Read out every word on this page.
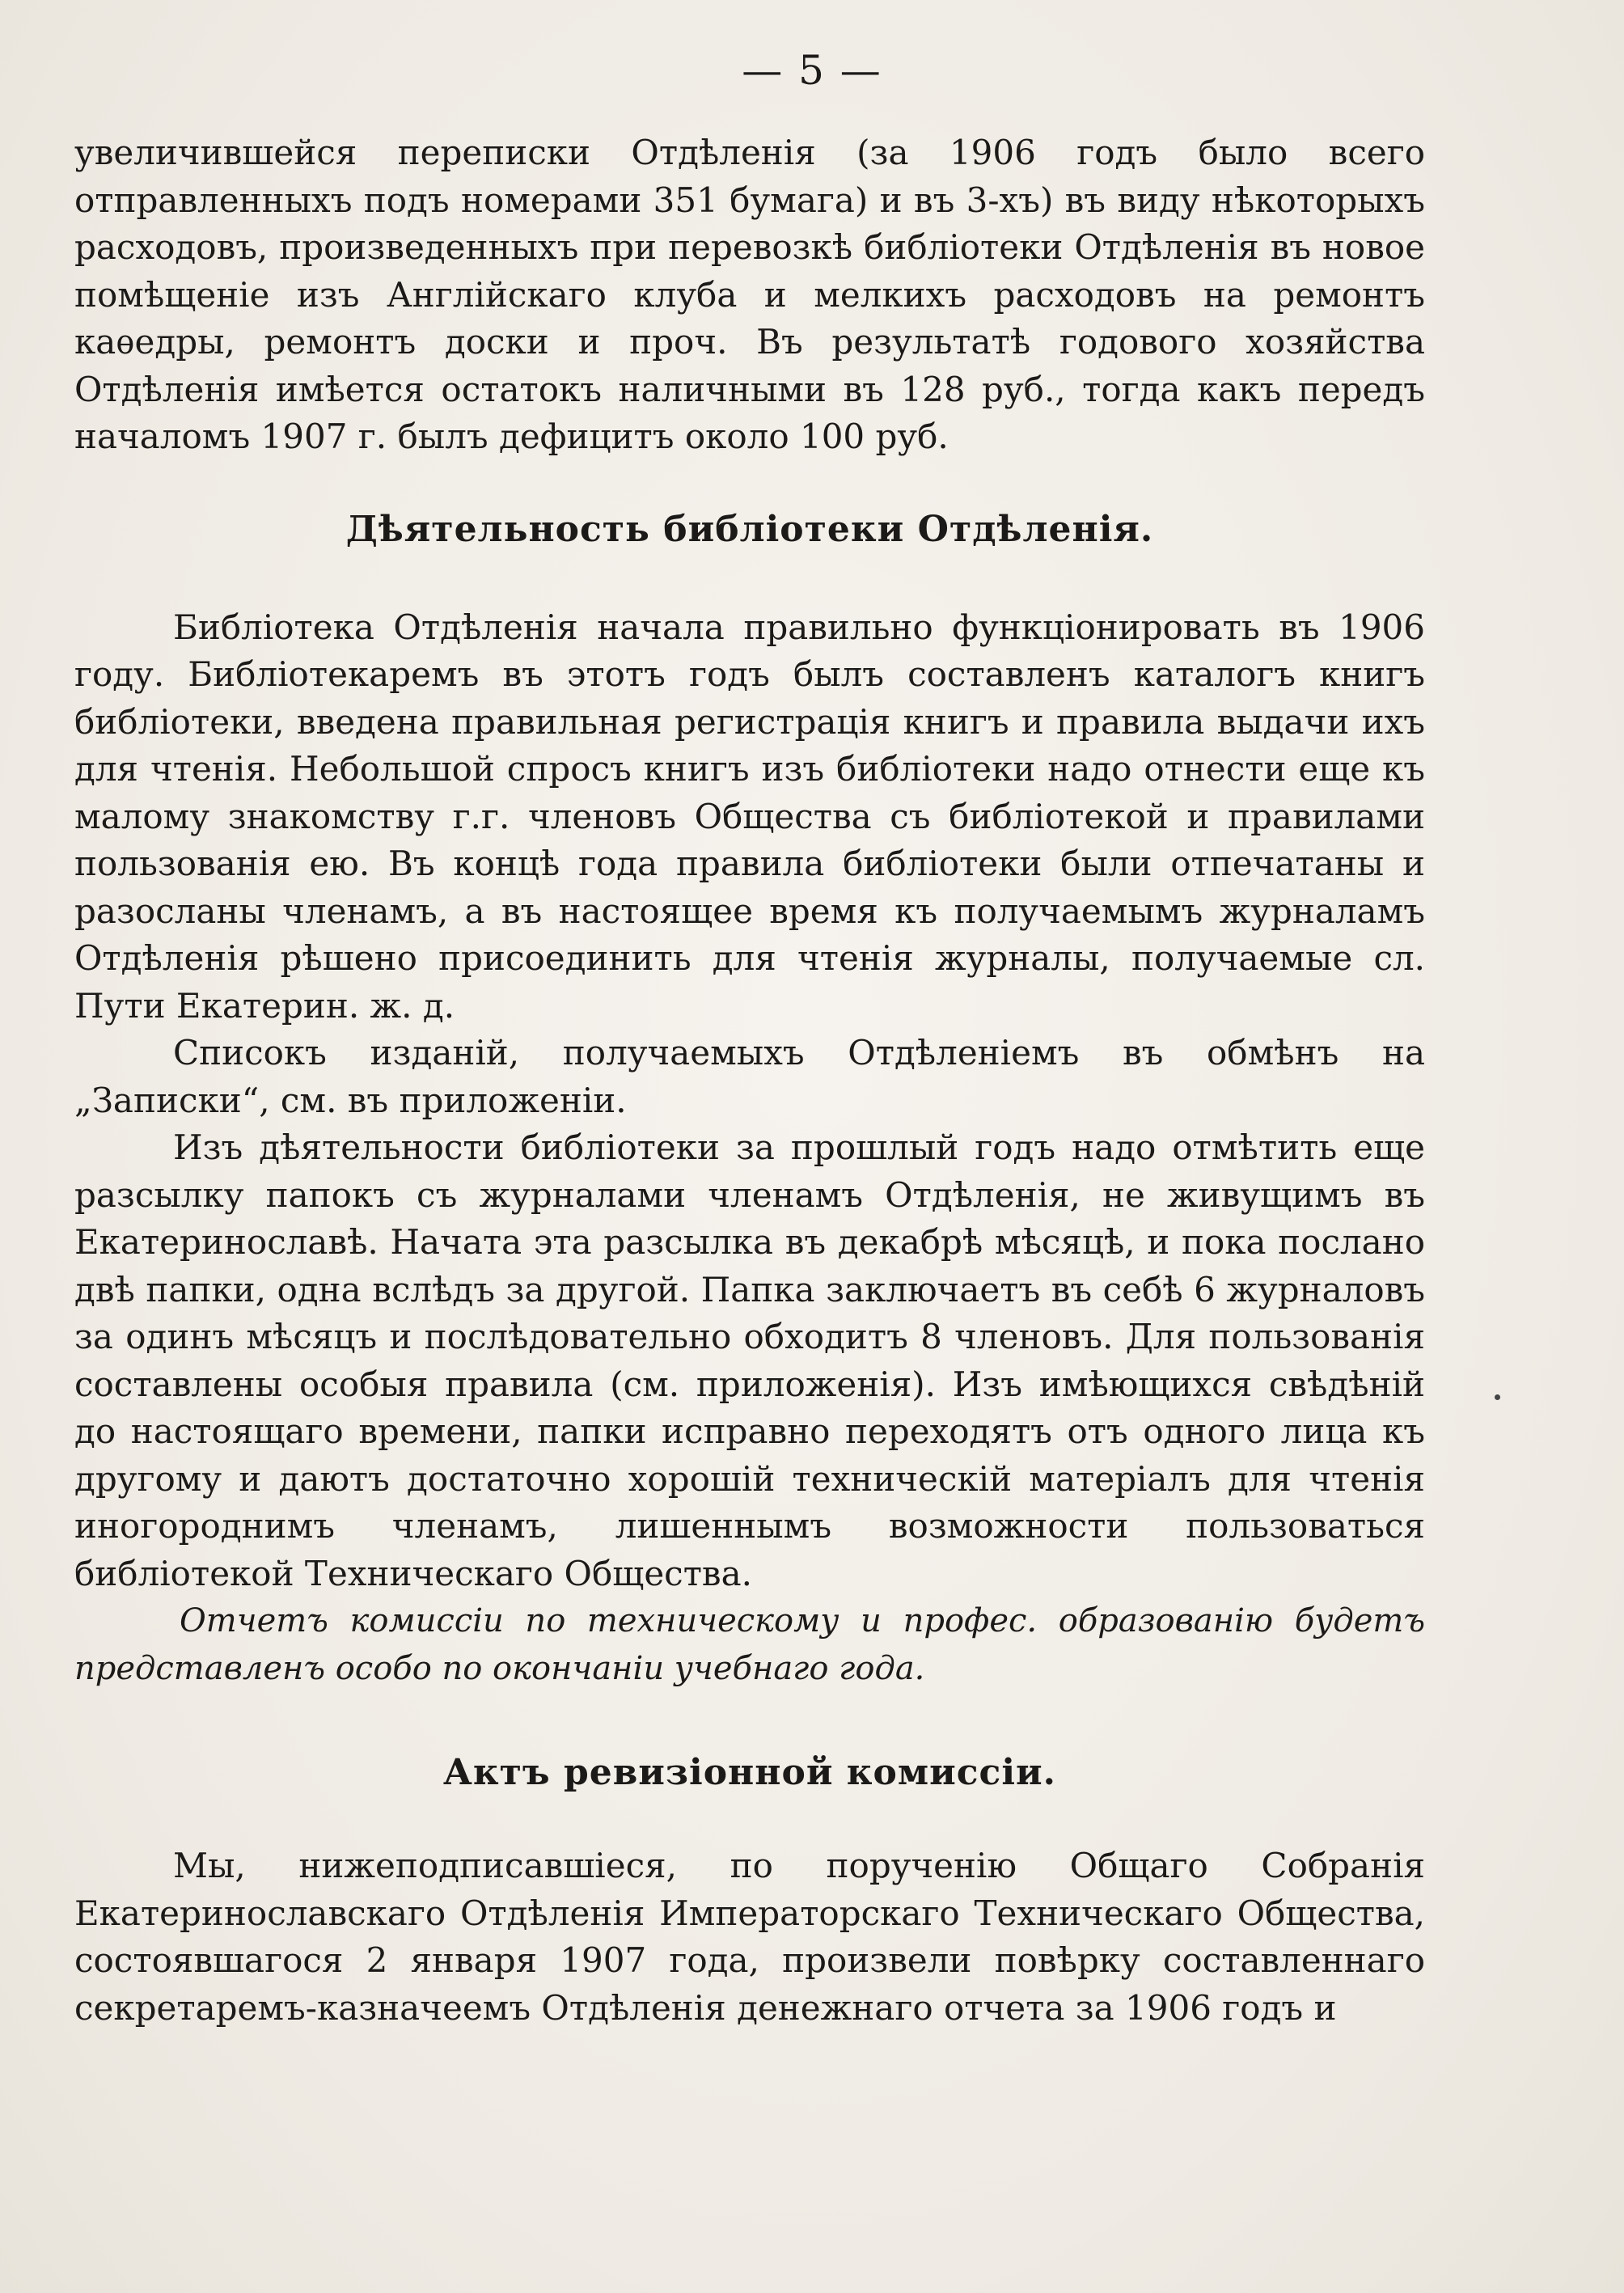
— 5 —

увеличившейся переписки Отдѣленія (за 1906 годъ было всего отправленныхъ подъ номерами 351 бумага) и въ 3-хъ) въ виду нѣкоторыхъ расходовъ, произведенныхъ при перевозкѣ библіотеки Отдѣленія въ новое помѣщеніе изъ Англійскаго клуба и мелкихъ расходовъ на ремонтъ каѳедры, ремонтъ доски и проч. Въ результатѣ годового хозяйства Отдѣленія имѣется остатокъ наличными въ 128 руб., тогда какъ передъ началомъ 1907 г. былъ дефицитъ около 100 руб.

Дѣятельность библіотеки Отдѣленія.

Библіотека Отдѣленія начала правильно функціонировать въ 1906 году. Библіотекаремъ въ этотъ годъ былъ составленъ каталогъ книгъ библіотеки, введена правильная регистрація книгъ и правила выдачи ихъ для чтенія. Небольшой спросъ книгъ изъ библіотеки надо отнести еще къ малому знакомству г.г. членовъ Общества съ библіотекой и правилами пользованія ею. Въ концѣ года правила библіотеки были отпечатаны и разосланы членамъ, а въ настоящее время къ получаемымъ журналамъ Отдѣленія рѣшено присоединить для чтенія журналы, получаемые сл. Пути Екатерин. ж. д.

Списокъ изданій, получаемыхъ Отдѣленіемъ въ обмѣнъ на „Записки“, см. въ приложеніи.

Изъ дѣятельности библіотеки за прошлый годъ надо отмѣтить еще разсылку папокъ съ журналами членамъ Отдѣленія, не живущимъ въ Екатеринославѣ. Начата эта разсылка въ декабрѣ мѣсяцѣ, и пока послано двѣ папки, одна вслѣдъ за другой. Папка заключаетъ въ себѣ 6 журналовъ за одинъ мѣсяцъ и послѣдовательно обходитъ 8 членовъ. Для пользованія составлены особыя правила (см. приложенія). Изъ имѣющихся свѣдѣній до настоящаго времени, папки исправно переходятъ отъ одного лица къ другому и даютъ достаточно хорошій техническій матеріалъ для чтенія иногороднимъ членамъ, лишеннымъ возможности пользоваться библіотекой Техническаго Общества.

Отчетъ комиссіи по техническому и профес. образованію будетъ представленъ особо по окончаніи учебнаго года.

Актъ ревизіонной комиссіи.

Мы, нижеподписавшіеся, по порученію Общаго Собранія Екатеринославскаго Отдѣленія Императорскаго Техническаго Общества, состоявшагося 2 января 1907 года, произвели повѣрку составленнаго секретаремъ-казначеемъ Отдѣленія денежнаго отчета за 1906 годъ и
